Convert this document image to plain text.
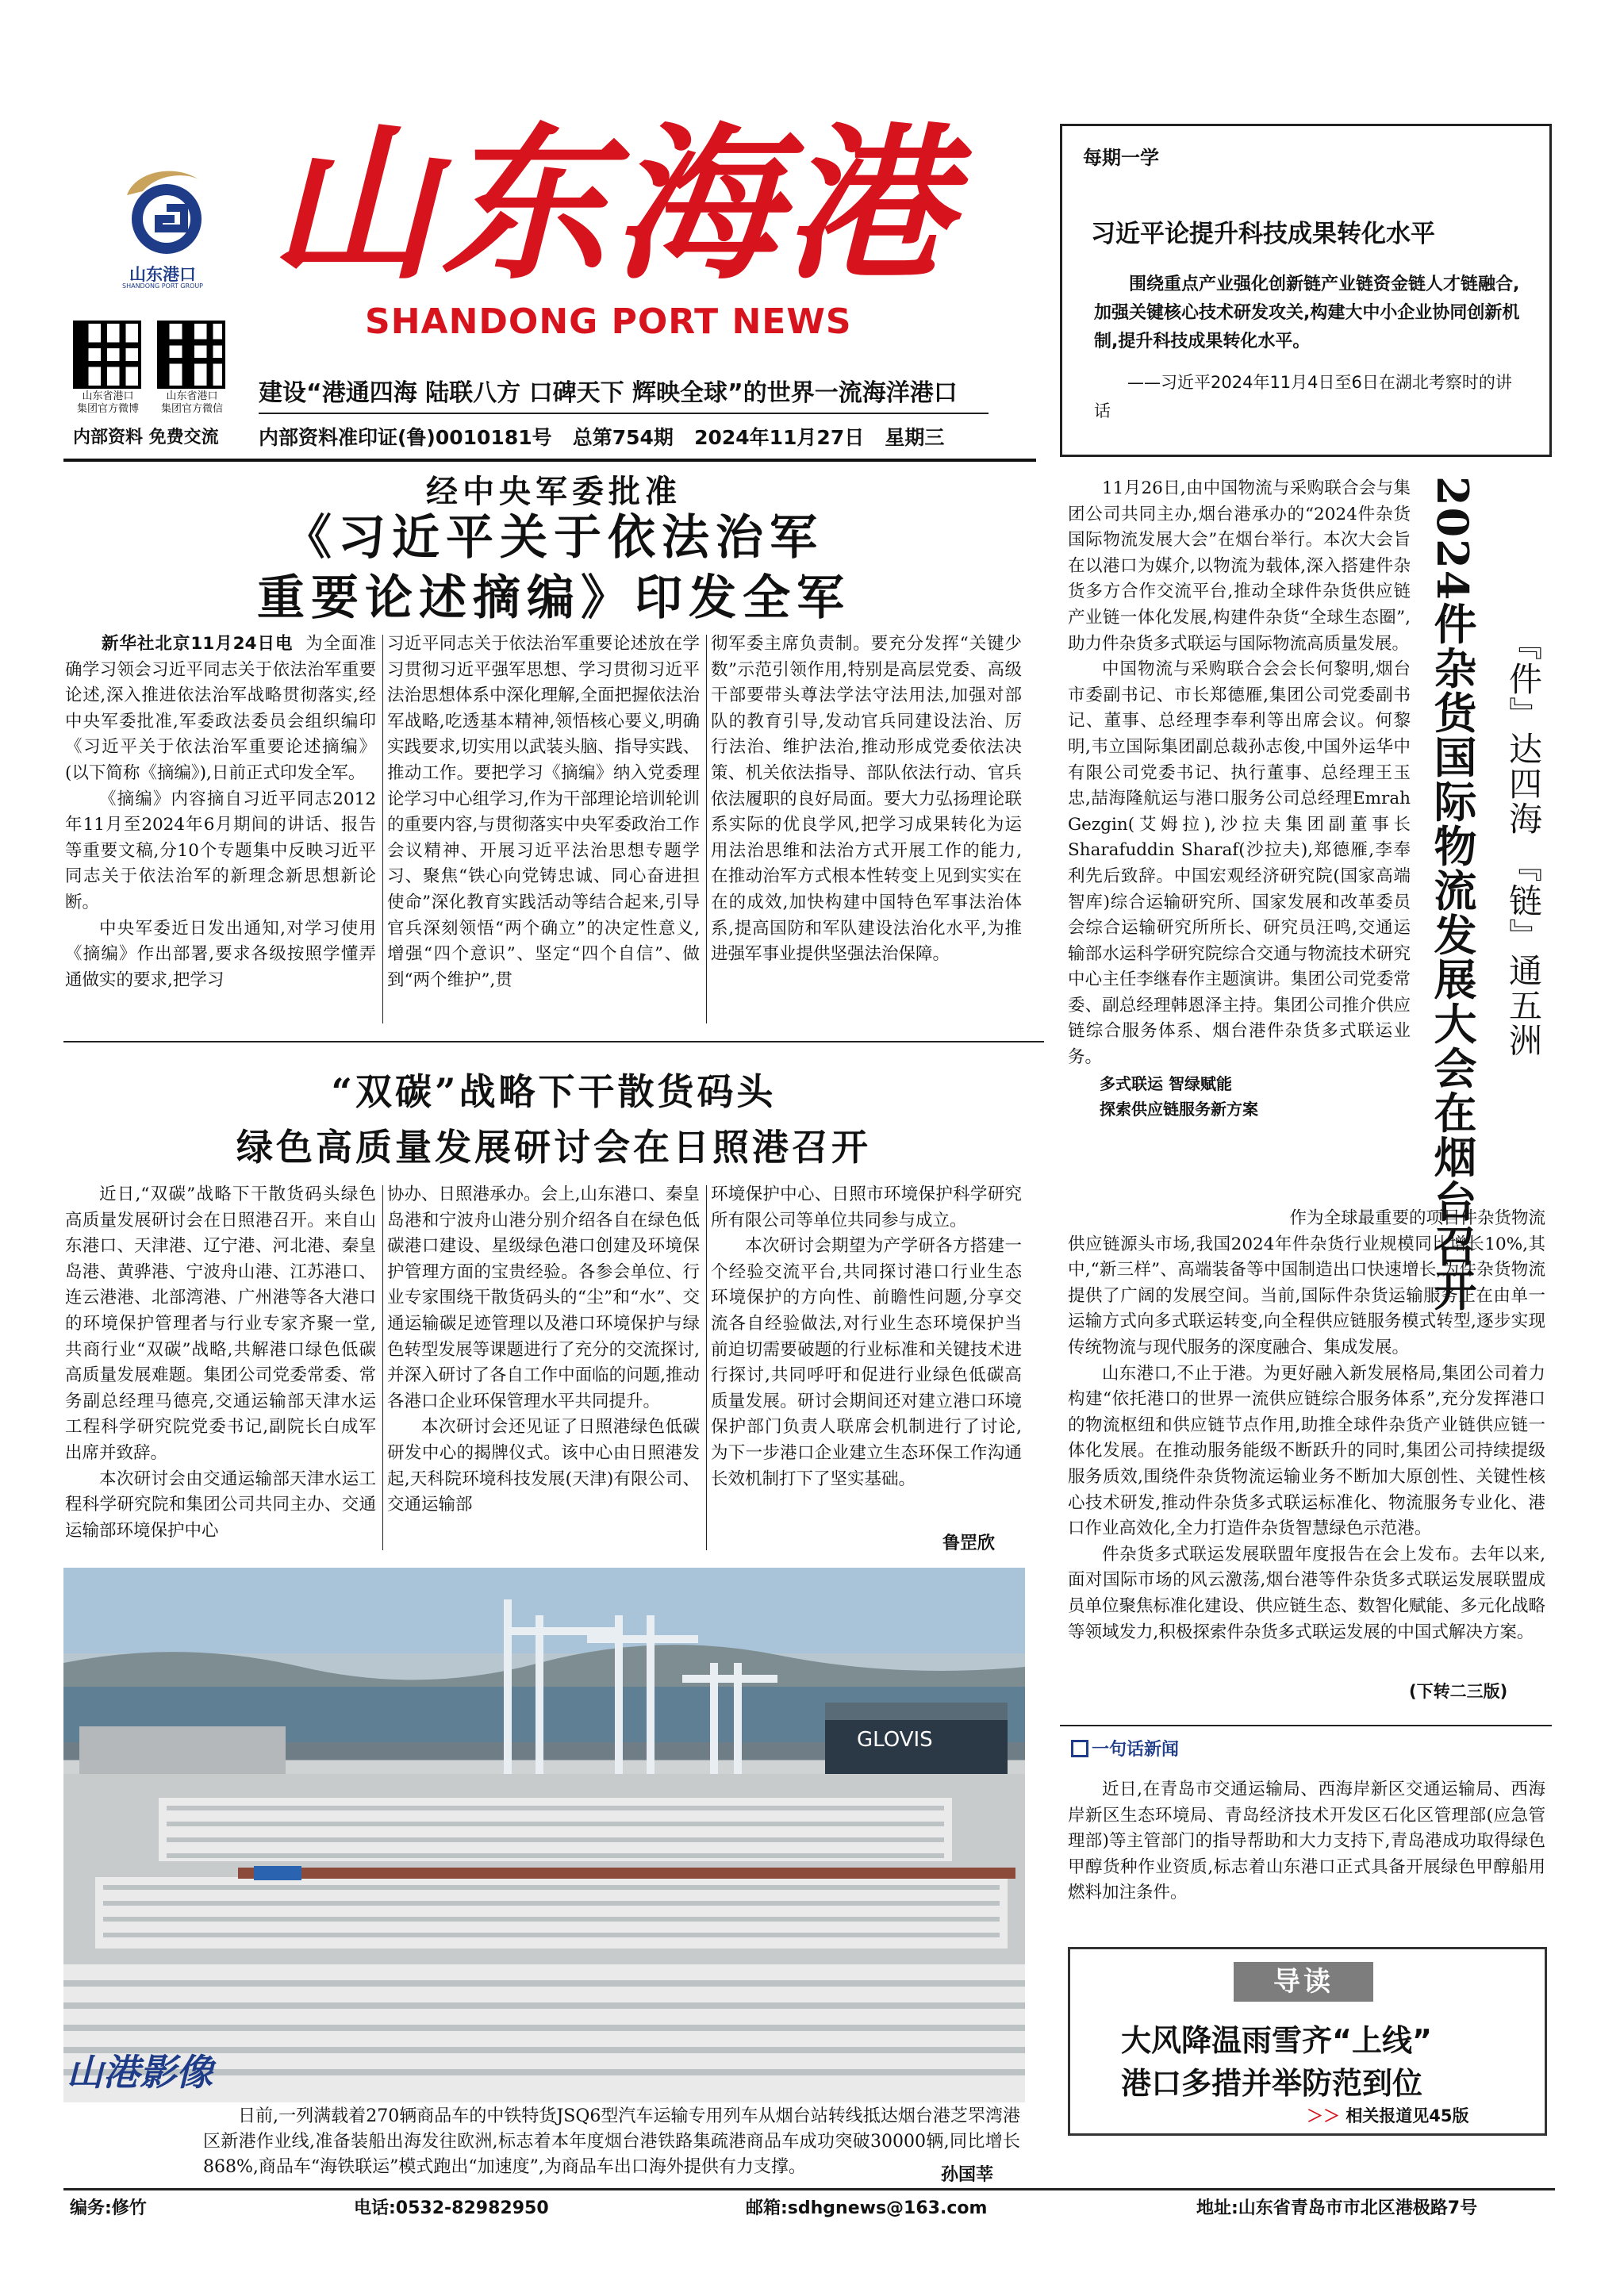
山东港口
SHANDONG PORT GROUP 山东海港
SHANDONG PORT NEWS
山东省港口
集团官方微博
山东省港口
集团官方微信
内部资料 免费交流
建设“港通四海 陆联八方 口碑天下 辉映全球”的世界一流海洋港口
内部资料准印证(鲁)0010181号 总第754期 2024年11月27日 星期三
每期一学
习近平论提升科技成果转化水平
围绕重点产业强化创新链产业链资金链人才链融合,加强关键核心技术研发攻关,构建大中小企业协同创新机制,提升科技成果转化水平。
——习近平2024年11月4日至6日在湖北考察时的讲话
经中央军委批准
《习近平关于依法治军
重要论述摘编》印发全军

新华社北京11月24日电 为全面准确学习领会习近平同志关于依法治军重要论述,深入推进依法治军战略贯彻落实,经中央军委批准,军委政法委员会组织编印《习近平关于依法治军重要论述摘编》(以下简称《摘编》),日前正式印发全军。

《摘编》内容摘自习近平同志2012年11月至2024年6月期间的讲话、报告等重要文稿,分10个专题集中反映习近平同志关于依法治军的新理念新思想新论断。

中央军委近日发出通知,对学习使用《摘编》作出部署,要求各级按照学懂弄通做实的要求,把学习

习近平同志关于依法治军重要论述放在学习贯彻习近平强军思想、学习贯彻习近平法治思想体系中深化理解,全面把握依法治军战略,吃透基本精神,领悟核心要义,明确实践要求,切实用以武装头脑、指导实践、推动工作。要把学习《摘编》纳入党委理论学习中心组学习,作为干部理论培训轮训的重要内容,与贯彻落实中央军委政治工作会议精神、开展习近平法治思想专题学习、聚焦“铁心向党铸忠诚、同心奋进担使命”深化教育实践活动等结合起来,引导官兵深刻领悟“两个确立”的决定性意义,增强“四个意识”、坚定“四个自信”、做到“两个维护”,贯

彻军委主席负责制。要充分发挥“关键少数”示范引领作用,特别是高层党委、高级干部要带头尊法学法守法用法,加强对部队的教育引导,发动官兵同建设法治、厉行法治、维护法治,推动形成党委依法决策、机关依法指导、部队依法行动、官兵依法履职的良好局面。要大力弘扬理论联系实际的优良学风,把学习成果转化为运用法治思维和法治方式开展工作的能力,在推动治军方式根本性转变上见到实实在在的成效,加快构建中国特色军事法治体系,提高国防和军队建设法治化水平,为推进强军事业提供坚强法治保障。

“双碳”战略下干散货码头
绿色高质量发展研讨会在日照港召开

近日,“双碳”战略下干散货码头绿色高质量发展研讨会在日照港召开。来自山东港口、天津港、辽宁港、河北港、秦皇岛港、黄骅港、宁波舟山港、江苏港口、连云港港、北部湾港、广州港等各大港口的环境保护管理者与行业专家齐聚一堂,共商行业“双碳”战略,共解港口绿色低碳高质量发展难题。集团公司党委常委、常务副总经理马德亮,交通运输部天津水运工程科学研究院党委书记,副院长白成军出席并致辞。

本次研讨会由交通运输部天津水运工程科学研究院和集团公司共同主办、交通运输部环境保护中心

协办、日照港承办。会上,山东港口、秦皇岛港和宁波舟山港分别介绍各自在绿色低碳港口建设、星级绿色港口创建及环境保护管理方面的宝贵经验。各参会单位、行业专家围绕干散货码头的“尘”和“水”、交通运输碳足迹管理以及港口环境保护与绿色转型发展等课题进行了充分的交流探讨,并深入研讨了各自工作中面临的问题,推动各港口企业环保管理水平共同提升。

本次研讨会还见证了日照港绿色低碳研发中心的揭牌仪式。该中心由日照港发起,天科院环境科技发展(天津)有限公司、交通运输部

环境保护中心、日照市环境保护科学研究所有限公司等单位共同参与成立。

本次研讨会期望为产学研各方搭建一个经验交流平台,共同探讨港口行业生态环境保护的方向性、前瞻性问题,分享交流各自经验做法,对行业生态环境保护当前迫切需要破题的行业标准和关键技术进行探讨,共同呼吁和促进行业绿色低碳高质量发展。研讨会期间还对建立港口环境保护部门负责人联席会机制进行了讨论,为下一步港口企业建立生态环保工作沟通长效机制打下了坚实基础。

鲁罡欣
GLOVIS
山港影像
日前,一列满载着270辆商品车的中铁特货JSQ6型汽车运输专用列车从烟台站转线抵达烟台港芝罘湾港区新港作业线,准备装船出海发往欧洲,标志着本年度烟台港铁路集疏港商品车成功突破30000辆,同比增长868%,商品车“海铁联运”模式跑出“加速度”,为商品车出口海外提供有力支撑。	孙国莘
2024件杂货国际物流发展大会在烟台召开 『件』达四海 『链』通五洲

11月26日,由中国物流与采购联合会与集团公司共同主办,烟台港承办的“2024件杂货国际物流发展大会”在烟台举行。本次大会旨在以港口为媒介,以物流为载体,深入搭建件杂货多方合作交流平台,推动全球件杂货供应链产业链一体化发展,构建件杂货“全球生态圈”,助力件杂货多式联运与国际物流高质量发展。

中国物流与采购联合会会长何黎明,烟台市委副书记、市长郑德雁,集团公司党委副书记、董事、总经理李奉利等出席会议。何黎明,韦立国际集团副总裁孙志俊,中国外运华中有限公司党委书记、执行董事、总经理王玉忠,喆海隆航运与港口服务公司总经理Emrah Gezgin(艾姆拉),沙拉夫集团副董事长Sharafuddin Sharaf(沙拉夫),郑德雁,李奉利先后致辞。中国宏观经济研究院(国家高端智库)综合运输研究所、国家发展和改革委员会综合运输研究所所长、研究员汪鸣,交通运输部水运科学研究院综合交通与物流技术研究中心主任李继春作主题演讲。集团公司党委常委、副总经理韩恩泽主持。集团公司推介供应链综合服务体系、烟台港件杂货多式联运业务。

多式联运 智绿赋能

探索供应链服务新方案

作为全球最重要的项目件杂货物流供应链源头市场,我国2024年件杂货行业规模同比增长10%,其中,“新三样”、高端装备等中国制造出口快速增长,为件杂货物流提供了广阔的发展空间。当前,国际件杂货运输服务正在由单一运输方式向多式联运转变,向全程供应链服务模式转型,逐步实现传统物流与现代服务的深度融合、集成发展。

山东港口,不止于港。为更好融入新发展格局,集团公司着力构建“依托港口的世界一流供应链综合服务体系”,充分发挥港口的物流枢纽和供应链节点作用,助推全球件杂货产业链供应链一体化发展。在推动服务能级不断跃升的同时,集团公司持续提级服务质效,围绕件杂货物流运输业务不断加大原创性、关键性核心技术研发,推动件杂货多式联运标准化、物流服务专业化、港口作业高效化,全力打造件杂货智慧绿色示范港。

件杂货多式联运发展联盟年度报告在会上发布。去年以来,面对国际市场的风云激荡,烟台港等件杂货多式联运发展联盟成员单位聚焦标准化建设、供应链生态、数智化赋能、多元化战略等领域发力,积极探索件杂货多式联运发展的中国式解决方案。

(下转二三版)
一句话新闻

近日,在青岛市交通运输局、西海岸新区交通运输局、西海岸新区生态环境局、青岛经济技术开发区石化区管理部(应急管理部)等主管部门的指导帮助和大力支持下,青岛港成功取得绿色甲醇货种作业资质,标志着山东港口正式具备开展绿色甲醇船用燃料加注条件。

导读
大风降温雨雪齐“上线”
港口多措并举防范到位
＞＞ 相关报道见45版
编务:修竹	电话:0532-82982950	邮箱:sdhgnews@163.com	地址:山东省青岛市市北区港极路7号
